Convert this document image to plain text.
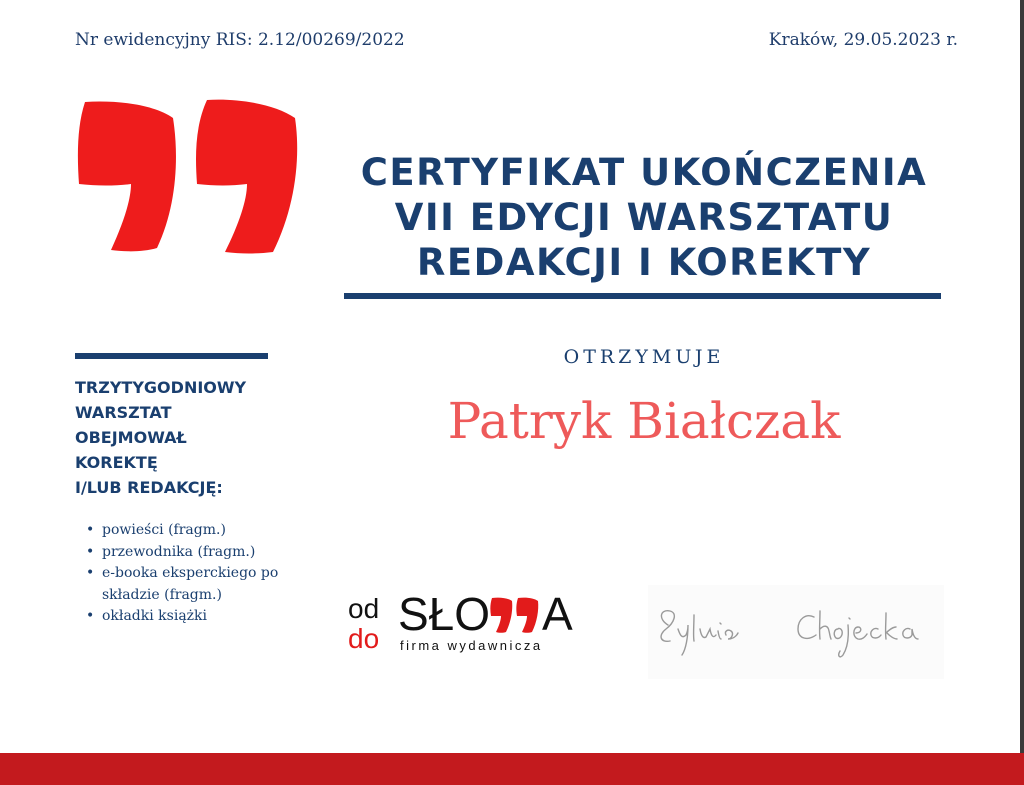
Nr ewidencyjny RIS: 2.12/00269/2022	Kraków, 29.05.2023 r.
CERTYFIKAT UKOŃCZENIA
VII EDYCJI WARSZTATU
REDAKCJI I KOREKTY
TRZYTYGODNIOWY
WARSZTAT
OBEJMOWAŁ
KOREKTĘ
I/LUB REDAKCJĘ:
• powieści (fragm.)
• przewodnika (fragm.)
• e-booka eksperckiego po składzie (fragm.)
• okładki książki
OTRZYMUJE
Patryk Białczak
od
do SŁO A
firma wydawnicza
